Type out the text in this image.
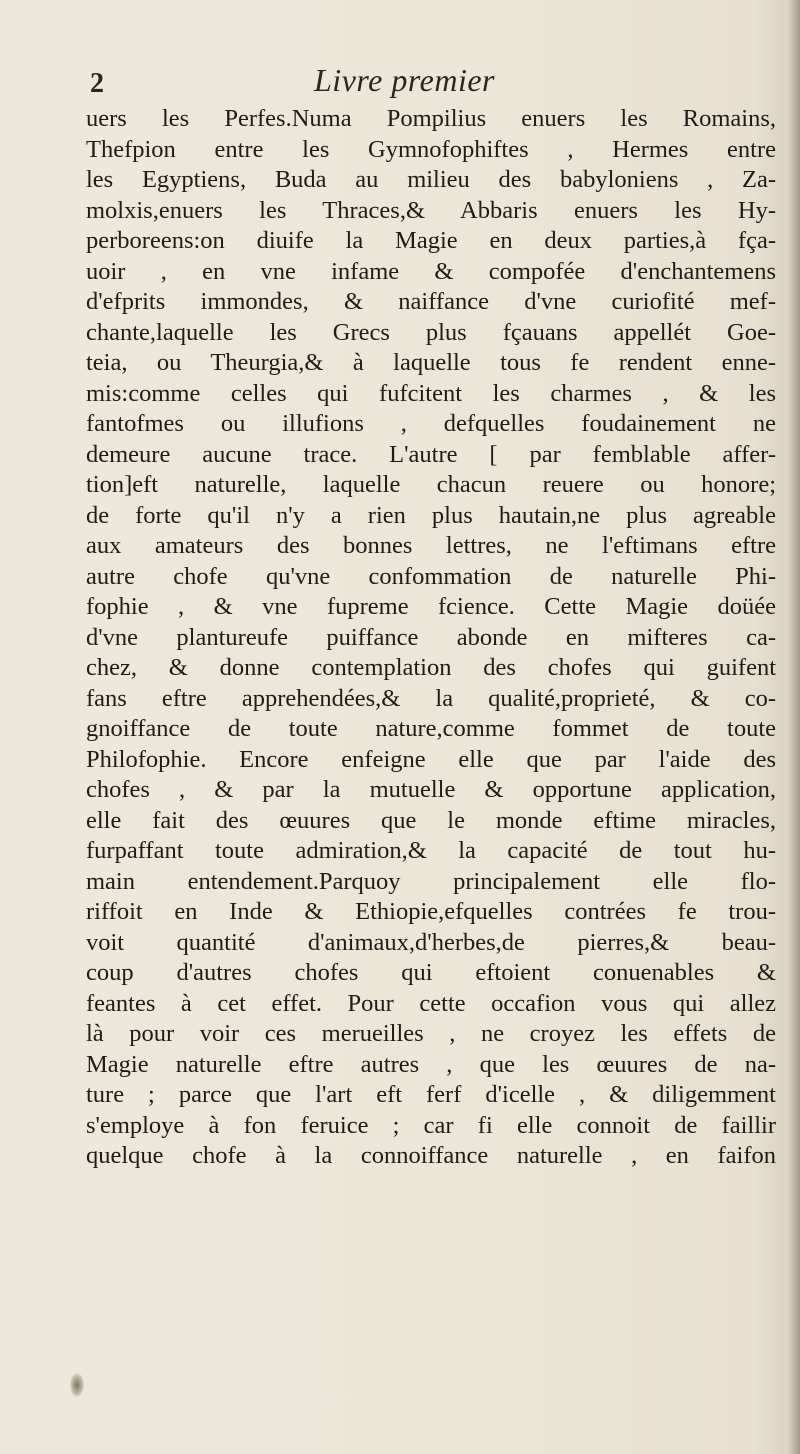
2	Livre premier
uers les Perfes.Numa Pompilius enuers les Romains,
Thefpion entre les Gymnofophiftes , Hermes entre
les Egyptiens, Buda au milieu des babyloniens , Za-
molxis,enuers les Thraces,& Abbaris enuers les Hy-
perboreens:on diuife la Magie en deux parties,à fça-
uoir , en vne infame & compofée d'enchantemens
d'efprits immondes, & naiffance d'vne curiofité mef-
chante,laquelle les Grecs plus fçauans appellét Goe-
teia, ou Theurgia,& à laquelle tous fe rendent enne-
mis:comme celles qui fufcitent les charmes , & les
fantofmes ou illufions , defquelles foudainement ne
demeure aucune trace. L'autre [ par femblable affer-
tion]eft naturelle, laquelle chacun reuere ou honore;
de forte qu'il n'y a rien plus hautain,ne plus agreable
aux amateurs des bonnes lettres, ne l'eftimans eftre
autre chofe qu'vne confommation de naturelle Phi-
fophie , & vne fupreme fcience. Cette Magie doüée
d'vne plantureufe puiffance abonde en mifteres ca-
chez, & donne contemplation des chofes qui guifent
fans eftre apprehendées,& la qualité,proprieté, & co-
gnoiffance de toute nature,comme fommet de toute
Philofophie. Encore enfeigne elle que par l'aide des
chofes , & par la mutuelle & opportune application,
elle fait des œuures que le monde eftime miracles,
furpaffant toute admiration,& la capacité de tout hu-
main entendement.Parquoy principalement elle flo-
riffoit en Inde & Ethiopie,efquelles contrées fe trou-
voit quantité d'animaux,d'herbes,de pierres,& beau-
coup d'autres chofes qui eftoient conuenables &
feantes à cet effet. Pour cette occafion vous qui allez
là pour voir ces merueilles , ne croyez les effets de
Magie naturelle eftre autres , que les œuures de na-
ture ; parce que l'art eft ferf d'icelle , & diligemment
s'employe à fon feruice ; car fi elle connoit de faillir
quelque chofe à la connoiffance naturelle , en faifon
